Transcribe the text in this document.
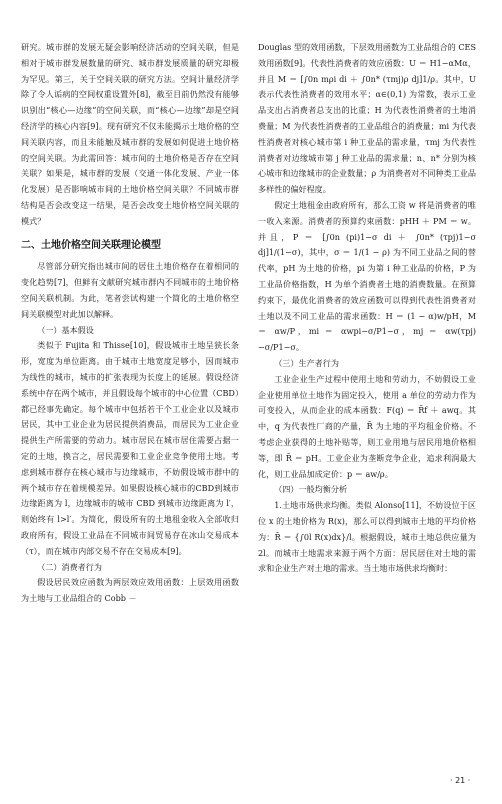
研究。城市群的发展无疑会影响经济活动的空间关联，但是相对于城市群发展数量的研究、城市群发展质量的研究却极为罕见。第三，关于空间关联的研究方法。空间计量经济学除了令人诟病的空间权重设置外[8]，截至目前仍然没有能够识别出“核心—边缘”的空间关联，而“核心—边缘”却是空间经济学的核心内容[9]。现有研究不仅未能揭示土地价格的空间关联内容，而且未能触及城市群的发展如何促进土地价格的空间关联。为此需回答：城市间的土地价格是否存在空间关联？如果是，城市群的发展（交通一体化发展、产业一体化发展）是否影响城市间的土地价格空间关联？不同城市群结构是否会改变这一结果，是否会改变土地价格空间关联的模式？

二、土地价格空间关联理论模型

尽管部分研究指出城市间的居住土地价格存在着相同的变化趋势[7]，但鲜有文献研究城市群内不同城市的土地价格空间关联机制。为此，笔者尝试构建一个简化的土地价格空间关联模型对此加以解释。

（一）基本假设

类似于 Fujita 和 Thisse[10]，假设城市土地呈狭长条形，宽度为单位距离。由于城市土地宽度足够小，因而城市为线性的城市，城市的扩张表现为长度上的延展。假设经济系统中存在两个城市，并且假设每个城市的中心位置（CBD）都已经事先确定。每个城市中包括若干个工业企业以及城市居民，其中工业企业为居民提供消费品，而居民为工业企业提供生产所需要的劳动力。城市居民在城市居住需要占据一定的土地，换言之，居民需要和工业企业竞争使用土地。考虑到城市群存在核心城市与边缘城市，不妨假设城市群中的两个城市存在着规模差异。如果假设核心城市的CBD到城市边缘距离为 l，边缘城市的城市 CBD 到城市边缘距离为 l′，则始终有 l>l′。为简化，假设所有的土地租金收入全部收归政府所有，假设工业品在不同城市间贸易存在冰山交易成本（τ），而在城市内部交易不存在交易成本[9]。

（二）消费者行为

假设居民效应函数为两层效应效用函数：上层效用函数为土地与工业品组合的 Cobb －

Douglas 型的效用函数，下层效用函数为工业品组合的 CES 效用函数[9]。代表性消费者的效应函数：U ＝ H1−αMα，并且 M ＝ [∫0n mρi di ＋ ∫0n* (τmj)ρ dj]1/ρ。其中，U 表示代表性消费者的效用水平；α∈(0,1) 为常数，表示工业品支出占消费者总支出的比重；H 为代表性消费者的土地消费量；M 为代表性消费者的工业品组合的消费量；mi 为代表性消费者对核心城市第 i 种工业品的需求量，τmj 为代表性消费者对边缘城市第 j 种工业品的需求量；n、n* 分别为核心城市和边缘城市的企业数量；ρ 为消费者对不同种类工业品多样性的偏好程度。

假定土地租金由政府所有，那么工资 w 将是消费者的唯一收入来源。消费者的预算约束函数：pHH ＋ PM ＝ w。并且，P ＝ [∫0n (pi)1−σ di ＋ ∫0n* (τpj)1−σ dj]1/(1−σ)，其中，σ ＝ 1/(1 − ρ) 为不同工业品之间的替代率，pH 为土地的价格，pi 为第 i 种工业品的价格，P 为工业品价格指数，H 为单个消费者土地的消费数量。在预算约束下，最优化消费者的效应函数可以得到代表性消费者对土地以及不同工业品的需求函数：H ＝ (1 − α)w/pH，M ＝ αw/P，mi ＝ αwpi−σ/P1−σ，mj ＝ αw(τpj)−σ/P1−σ。

（三）生产者行为

工业企业生产过程中使用土地和劳动力，不妨假设工业企业使用单位土地作为固定投入，使用 a 单位的劳动力作为可变投入，从而企业的成本函数：F(q) ＝ R̄f ＋ awq。其中，q 为代表性厂商的产量，R̄ 为土地的平均租金价格。不考虑企业获得的土地补贴等，则工业用地与居民用地价格相等，即 R̄ ＝ pH。工业企业为垄断竞争企业，追求利润最大化，则工业品加成定价：p ＝ aw/ρ。

（四）一般均衡分析

1.土地市场供求均衡。类似 Alonso[11]，不妨设位于区位 x 的土地价格为 R(x)，那么可以得到城市土地的平均价格为：R̄ ＝ {∫0l R(x)dx}/l。根据假设，城市土地总供应量为 2l。而城市土地需求来源于两个方面：居民居住对土地的需求和企业生产对土地的需求。当土地市场供求均衡时：

· 21 ·
